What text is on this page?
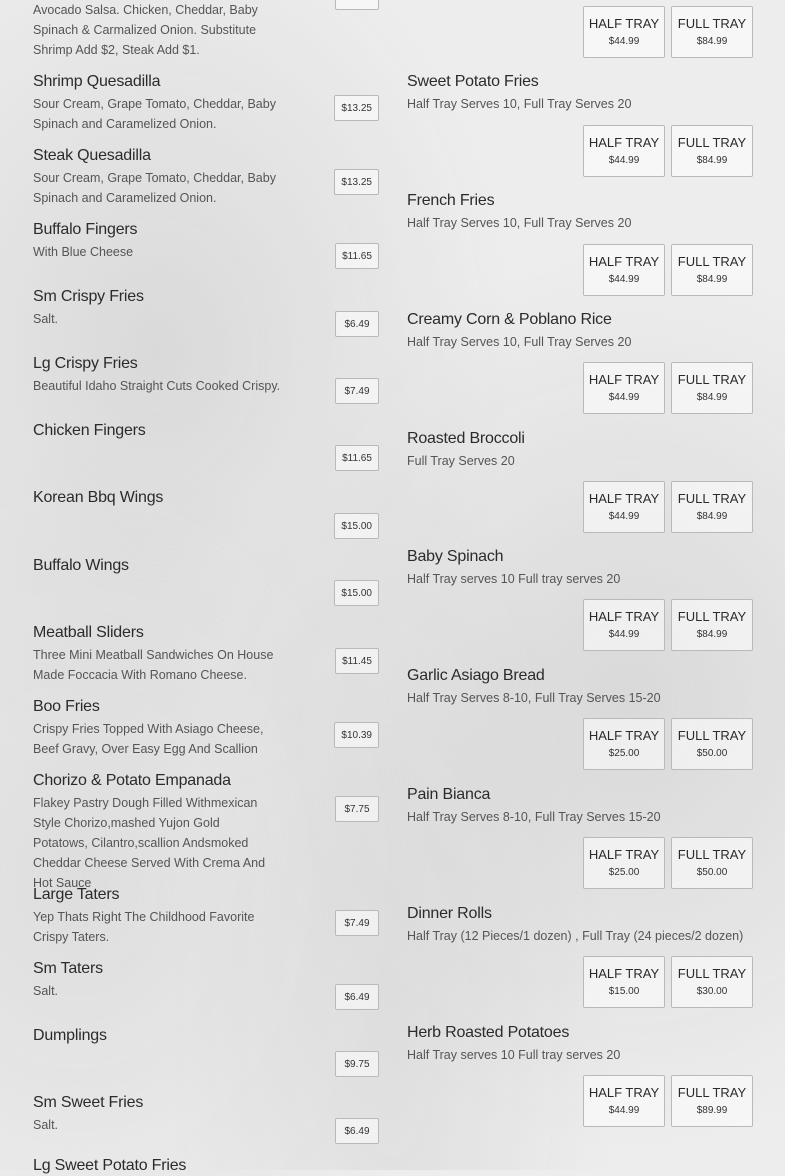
Avocado Salsa. Chicken, Cheddar, Baby Spinach & Carmalized Onion. Substitute Shrimp Add $2, Steak Add $1.
Shrimp Quesadilla
Sour Cream, Grape Tomato, Cheddar, Baby Spinach and Caramelized Onion.
$13.25
Steak Quesadilla
Sour Cream, Grape Tomato, Cheddar, Baby Spinach and Caramelized Onion.
$13.25
Buffalo Fingers
With Blue Cheese	$11.65
Sm Crispy Fries
Salt.	$6.49
Lg Crispy Fries
Beautiful Idaho Straight Cuts Cooked Crispy.	$7.49
Chicken Fingers
$11.65
Korean Bbq Wings
$15.00
Buffalo Wings
$15.00
Meatball Sliders
Three Mini Meatball Sandwiches On House Made Foccacia With Romano Cheese.
$11.45
Boo Fries
Crispy Fries Topped With Asiago Cheese, Beef Gravy, Over Easy Egg And Scallion
$10.39
Chorizo & Potato Empanada
Flakey Pastry Dough Filled Withmexican Style Chorizo,mashed Yujon Gold Potatows, Cilantro,scallion Andsmoked Cheddar Cheese Served With Crema And Hot Sauce
$7.75
Large Taters
Yep Thats Right The Childhood Favorite Crispy Taters.
$7.49
Sm Taters
Salt.	$6.49
Dumplings
$9.75
Sm Sweet Fries
Salt.	$6.49
Lg Sweet Potato Fries
HALF TRAY
$44.99
FULL TRAY
$84.99
Sweet Potato Fries
Half Tray Serves 10, Full Tray Serves 20
HALF TRAY
$44.99
FULL TRAY
$84.99
French Fries
Half Tray Serves 10, Full Tray Serves 20
HALF TRAY
$44.99
FULL TRAY
$84.99
Creamy Corn & Poblano Rice
Half Tray Serves 10, Full Tray Serves 20
HALF TRAY
$44.99
FULL TRAY
$84.99
Roasted Broccoli
Full Tray Serves 20
HALF TRAY
$44.99
FULL TRAY
$84.99
Baby Spinach
Half Tray serves 10 Full tray serves 20
HALF TRAY
$44.99
FULL TRAY
$84.99
Garlic Asiago Bread
Half Tray Serves 8-10, Full Tray Serves 15-20
HALF TRAY
$25.00
FULL TRAY
$50.00
Pain Bianca
Half Tray Serves 8-10, Full Tray Serves 15-20
HALF TRAY
$25.00
FULL TRAY
$50.00
Dinner Rolls
Half Tray (12 Pieces/1 dozen) , Full Tray (24 pieces/2 dozen)
HALF TRAY
$15.00
FULL TRAY
$30.00
Herb Roasted Potatoes
Half Tray serves 10 Full tray serves 20
HALF TRAY
$44.99
FULL TRAY
$89.99
